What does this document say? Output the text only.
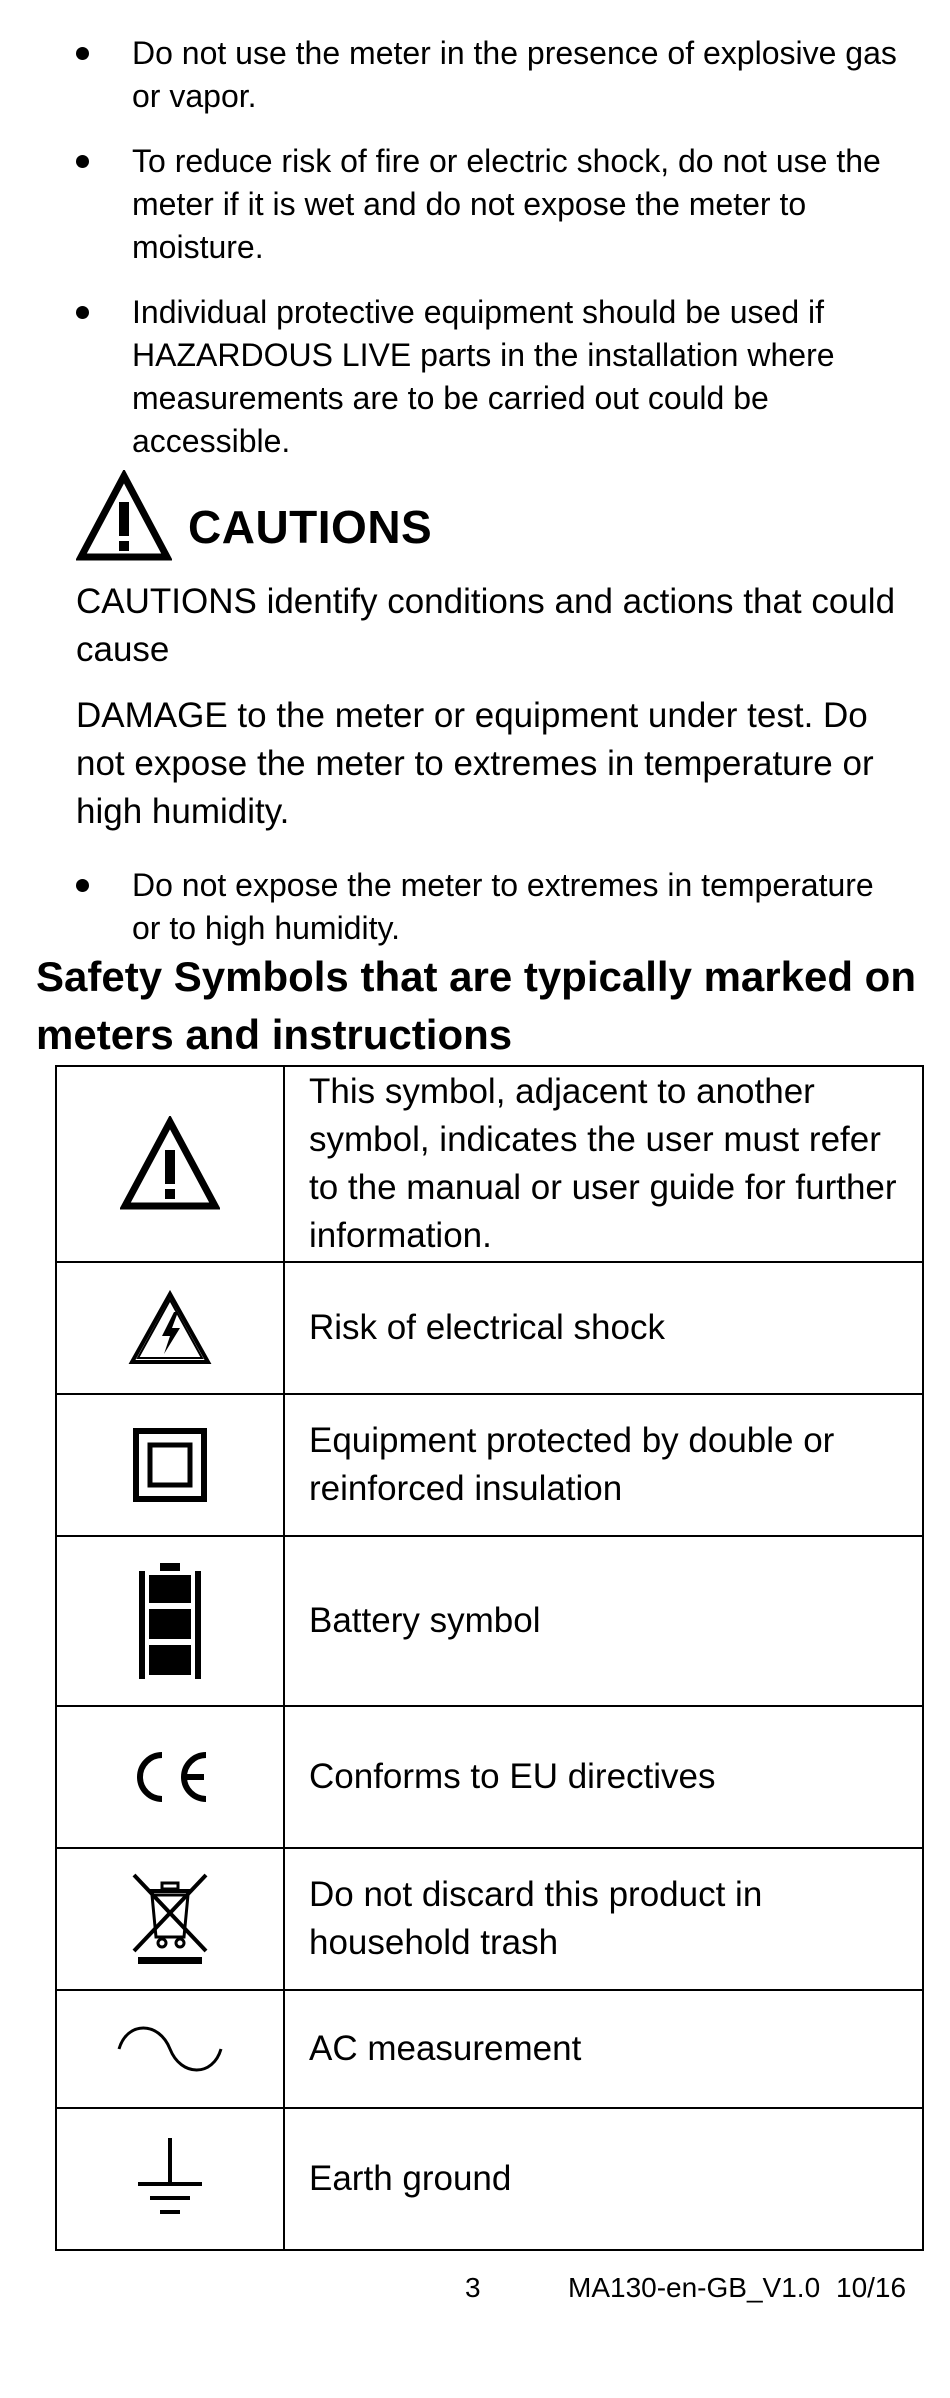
Do not use the meter in the presence of explosive gas or vapor.
To reduce risk of fire or electric shock, do not use the meter if it is wet and do not expose the meter to moisture.
Individual protective equipment should be used if HAZARDOUS LIVE parts in the installation where measurements are to be carried out could be accessible.
CAUTIONS
CAUTIONS identify conditions and actions that could cause
DAMAGE to the meter or equipment under test. Do not expose the meter to extremes in temperature or high humidity.
Do not expose the meter to extremes in temperature or to high humidity.
Safety Symbols that are typically marked on meters and instructions
	This symbol, adjacent to another symbol, indicates the user must refer to the manual or user guide for further information.

	Risk of electrical shock

	Equipment protected by double or reinforced insulation

	Battery symbol

	Conforms to EU directives

	Do not discard this product in household trash

	AC measurement

	Earth ground
3	MA130-en-GB_V1.0 10/16
